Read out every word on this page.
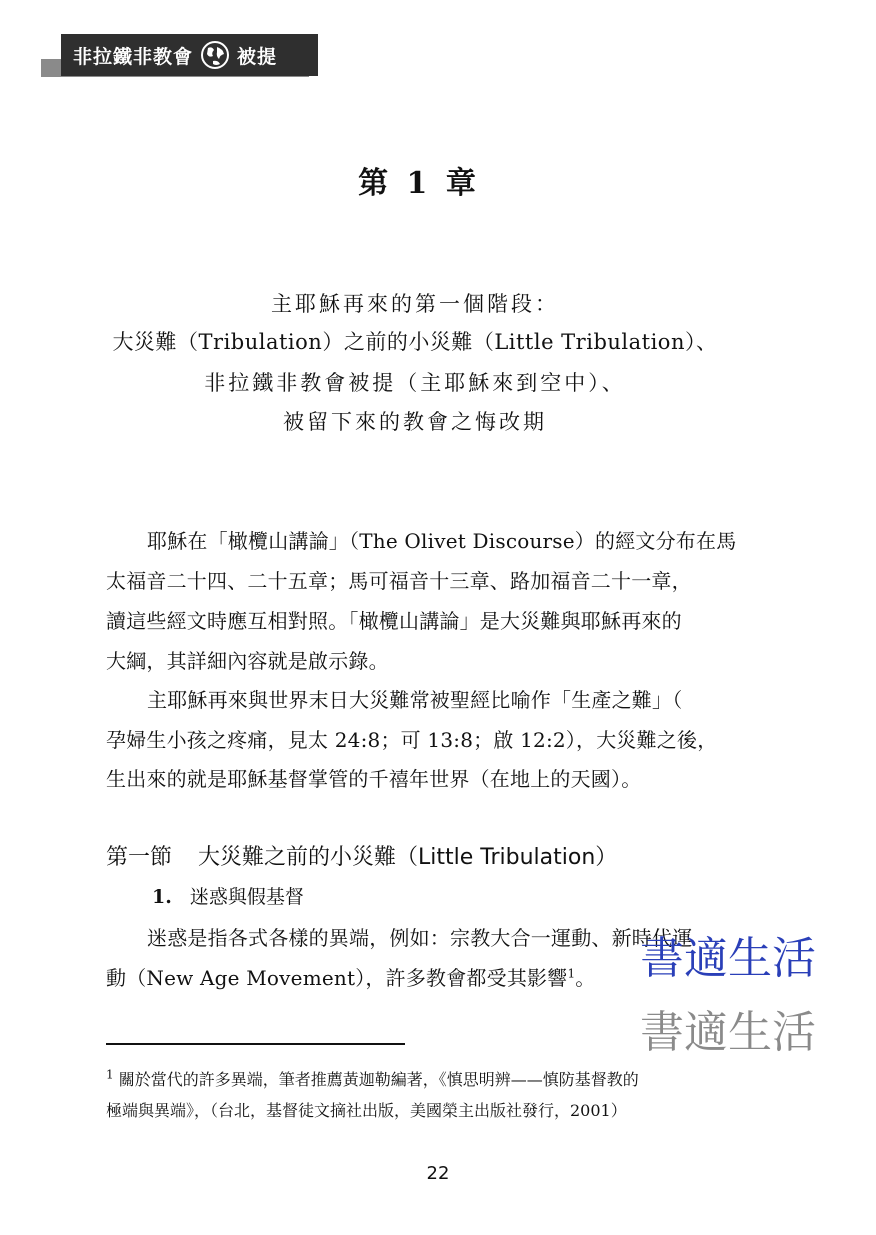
非拉鐵非教會 被提
第 1 章
主耶穌再來的第一個階段：
大災難（Tribulation）之前的小災難（Little Tribulation）、
非拉鐵非教會被提（主耶穌來到空中）、
被留下來的教會之悔改期
耶穌在「橄欖山講論」（The Olivet Discourse）的經文分布在馬
太福音二十四、二十五章；馬可福音十三章、路加福音二十一章，
讀這些經文時應互相對照。「橄欖山講論」是大災難與耶穌再來的
大綱，其詳細內容就是啟示錄。
主耶穌再來與世界末日大災難常被聖經比喻作「生產之難」（
孕婦生小孩之疼痛，見太 24:8；可 13:8；啟 12:2），大災難之後，
生出來的就是耶穌基督掌管的千禧年世界（在地上的天國）。
第一節 大災難之前的小災難（Little Tribulation）
1. 迷惑與假基督
迷惑是指各式各樣的異端，例如：宗教大合一運動、新時代運
動（New Age Movement），許多教會都受其影響$^1$。 書適生活
書適生活
$^1$ 關於當代的許多異端，筆者推薦黃迦勒編著，《慎思明辨——慎防基督教的
極端與異端》，（台北，基督徒文摘社出版，美國榮主出版社發行，2001）
22
